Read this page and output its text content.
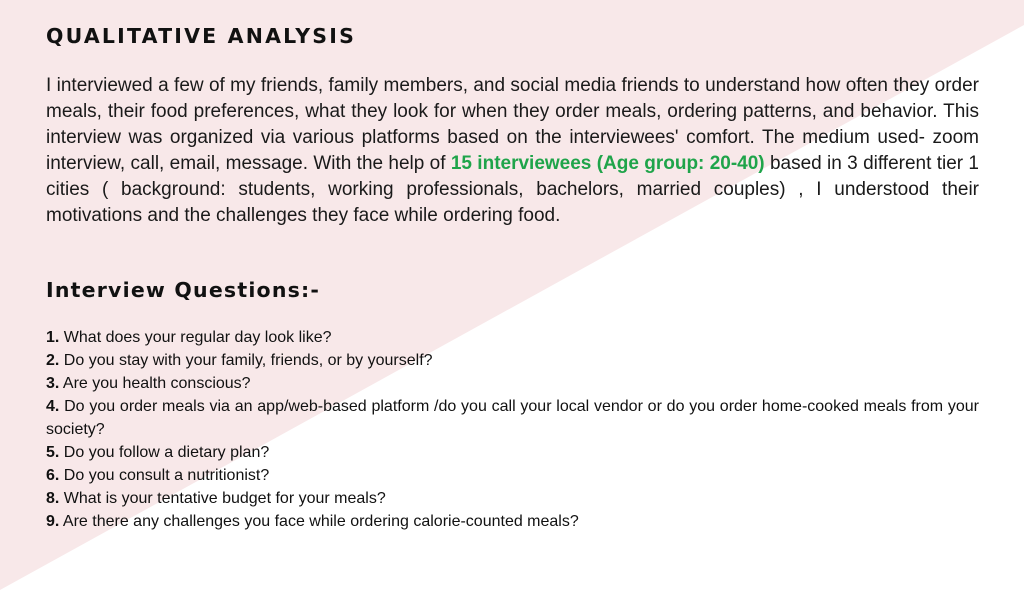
QUALITATIVE ANALYSIS

I interviewed a few of my friends, family members, and social media friends to understand how often they order meals, their food preferences, what they look for when they order meals, ordering patterns, and behavior. This interview was organized via various platforms based on the interviewees' comfort. The medium used- zoom interview, call, email, message. With the help of 15 interviewees (Age group: 20-40) based in 3 different tier 1 cities ( background: students, working professionals, bachelors, married couples) , I understood their motivations and the challenges they face while ordering food.

Interview Questions:-
1. What does your regular day look like?
2. Do you stay with your family, friends, or by yourself?
3. Are you health conscious?
4. Do you order meals via an app/web-based platform /do you call your local vendor or do you order home-cooked meals from your society?
5. Do you follow a dietary plan?
6. Do you consult a nutritionist?
8. What is your tentative budget for your meals?
9. Are there any challenges you face while ordering calorie-counted meals?
